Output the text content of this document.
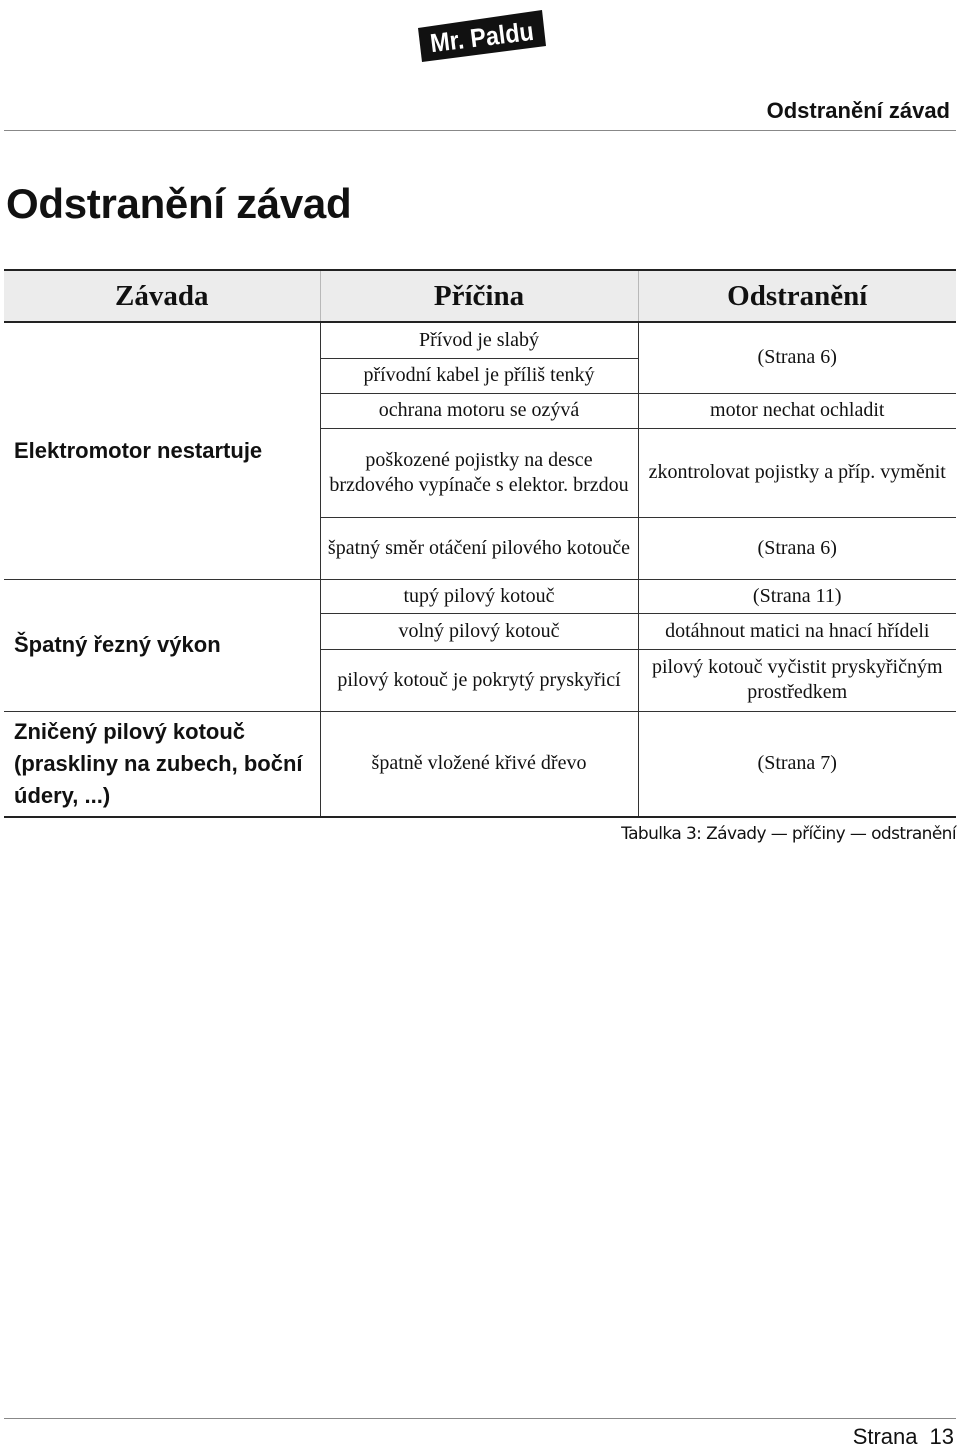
Mr. Paldu
Odstranění závad
Odstranění závad
Závada	Příčina	Odstranění
Elektromotor nestartuje	Přívod je slabý	(Strana 6)
	přívodní kabel je příliš tenký	
	ochrana motoru se ozývá	motor nechat ochladit
	poškozené pojistky na desce brzdového vypínače s elektor. brzdou	zkontrolovat pojistky a příp. vyměnit
	špatný směr otáčení pilového kotouče	(Strana 6)
Špatný řezný výkon	tupý pilový kotouč	(Strana 11)
	volný pilový kotouč	dotáhnout matici na hnací hřídeli
	pilový kotouč je pokrytý pryskyřicí	pilový kotouč vyčistit pryskyřičným prostředkem
Zničený pilový kotouč (praskliny na zubech, boční údery, ...)	špatně vložené křivé dřevo	(Strana 7)
Tabulka 3: Závady — příčiny — odstranění
Strana 13
